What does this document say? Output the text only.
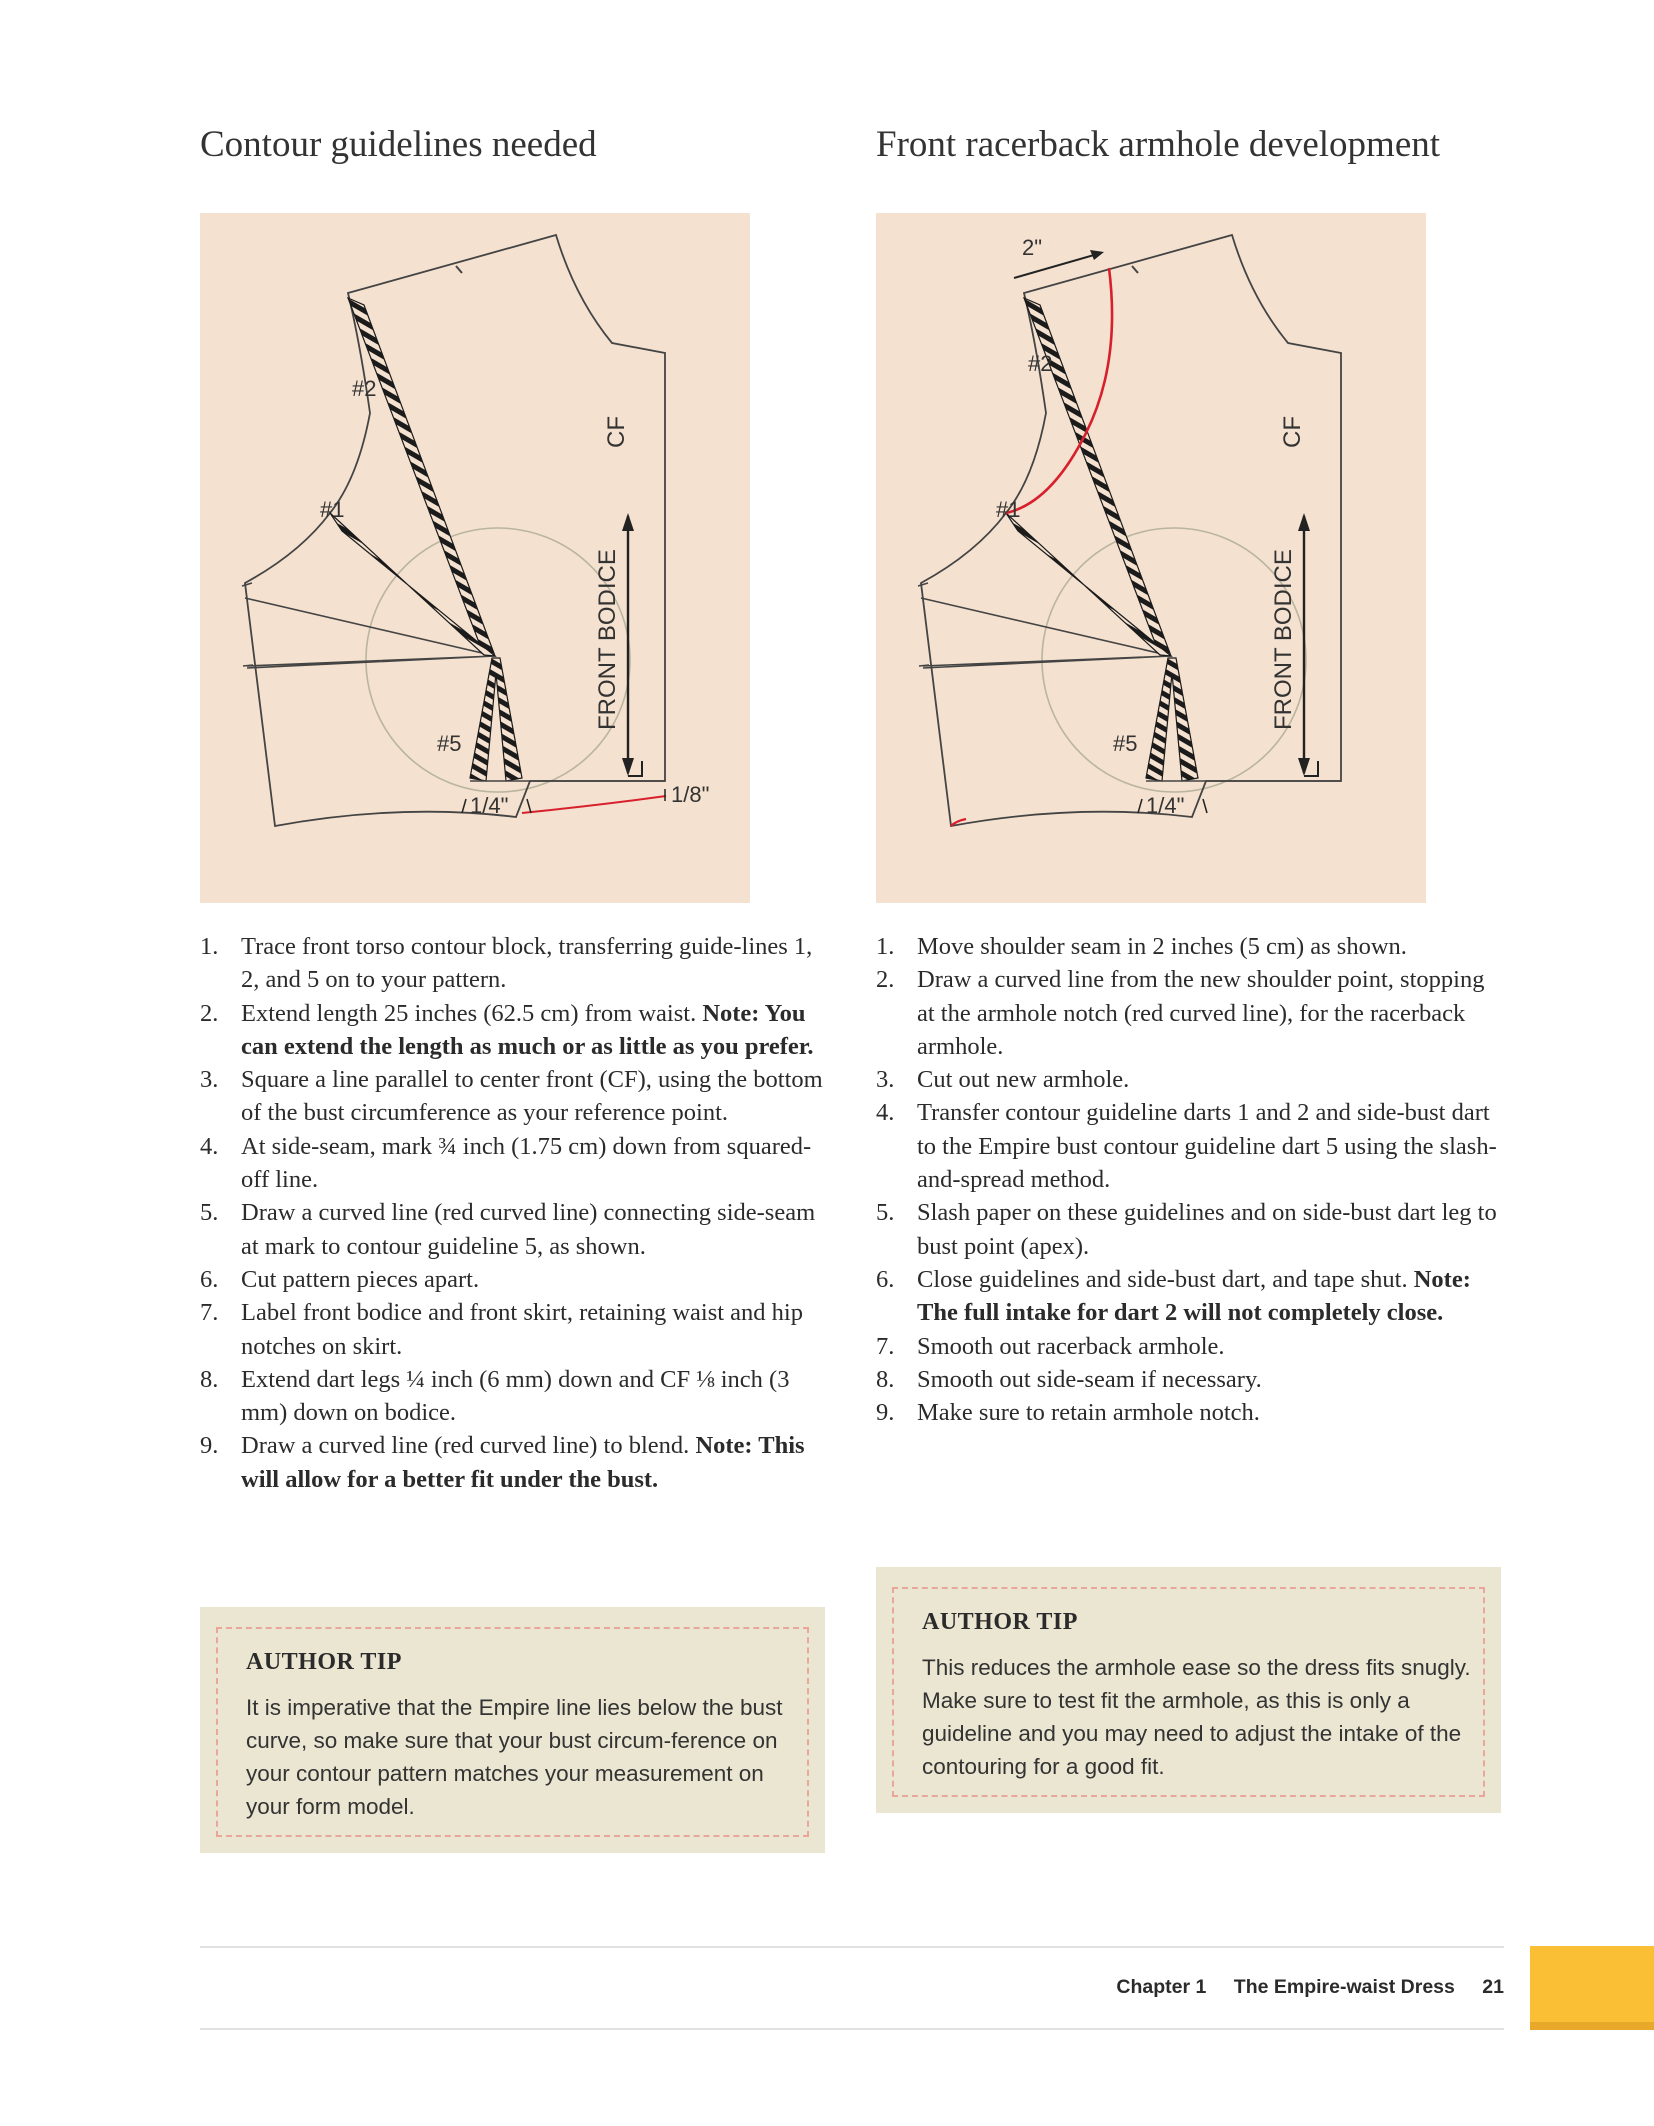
Contour guidelines needed
#2
#1
#5
CF
FRONT BODICE
1/4"	1/8"
1. Trace front torso contour block, transferring guide-lines 1, 2, and 5 on to your pattern.
2. Extend length 25 inches (62.5 cm) from waist. Note: You can extend the length as much or as little as you prefer.
3. Square a line parallel to center front (CF), using the bottom of the bust circumference as your reference point.
4. At side-seam, mark ¾ inch (1.75 cm) down from squared-off line.
5. Draw a curved line (red curved line) connecting side-seam at mark to contour guideline 5, as shown.
6. Cut pattern pieces apart.
7. Label front bodice and front skirt, retaining waist and hip notches on skirt.
8. Extend dart legs ¼ inch (6 mm) down and CF ⅛ inch (3 mm) down on bodice.
9. Draw a curved line (red curved line) to blend. Note: This will allow for a better fit under the bust.
AUTHOR TIP
It is imperative that the Empire line lies below the bust curve, so make sure that your bust circum-ference on your contour pattern matches your measurement on your form model.
Front racerback armhole development
2"
#2
#1
#5
CF
FRONT BODICE
1/4"
1. Move shoulder seam in 2 inches (5 cm) as shown.
2. Draw a curved line from the new shoulder point, stopping at the armhole notch (red curved line), for the racerback armhole.
3. Cut out new armhole.
4. Transfer contour guideline darts 1 and 2 and side-bust dart to the Empire bust contour guideline dart 5 using the slash-and-spread method.
5. Slash paper on these guidelines and on side-bust dart leg to bust point (apex).
6. Close guidelines and side-bust dart, and tape shut. Note: The full intake for dart 2 will not completely close.
7. Smooth out racerback armhole.
8. Smooth out side-seam if necessary.
9. Make sure to retain armhole notch.
AUTHOR TIP
This reduces the armhole ease so the dress fits snugly. Make sure to test fit the armhole, as this is only a guideline and you may need to adjust the intake of the contouring for a good fit.
Chapter 1 The Empire-waist Dress 21
